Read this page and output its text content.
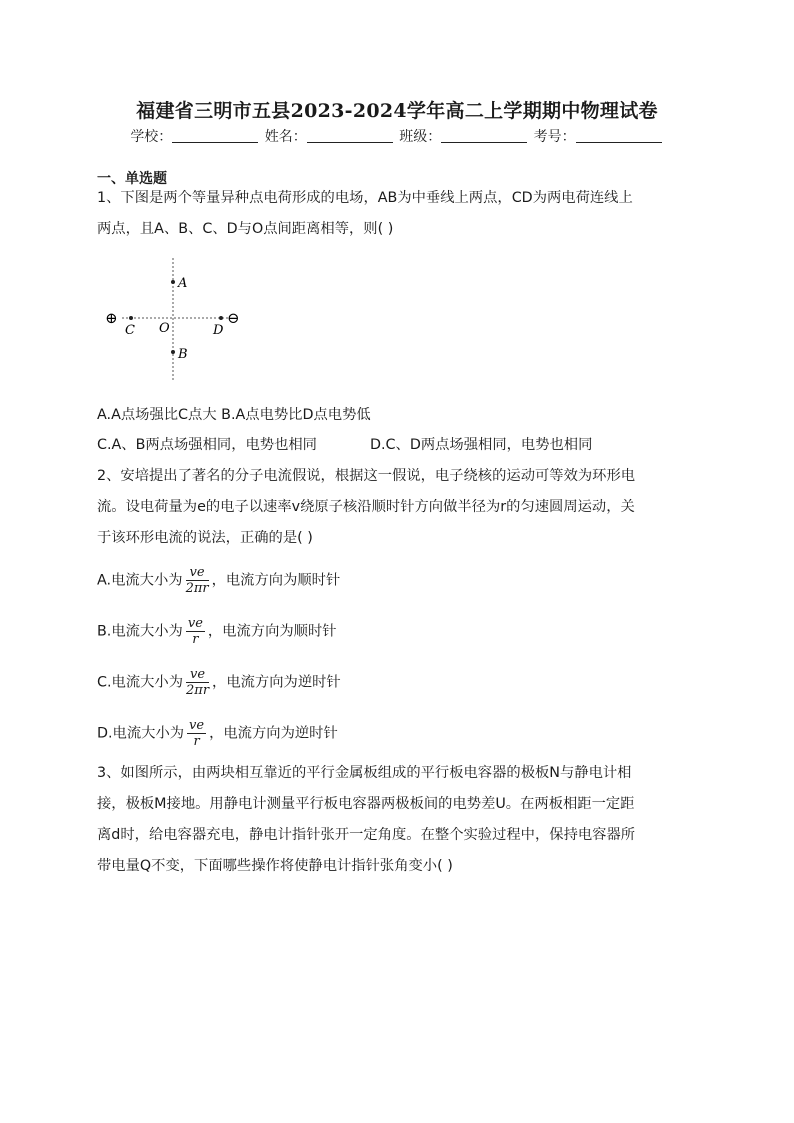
福建省三明市五县2023-2024学年高二上学期期中物理试卷
学校：	姓名：	班级：	考号：
一、单选题
1、下图是两个等量异种点电荷形成的电场，AB为中垂线上两点，CD为两电荷连线上
两点，且A、B、C、D与O点间距离相等，则( )
⊕	⊖
A
B
C O	D
A.A点场强比C点大 B.A点电势比D点电势低
C.A、B两点场强相同，电势也相同	D.C、D两点场强相同，电势也相同
2、安培提出了著名的分子电流假说，根据这一假说，电子绕核的运动可等效为环形电
流。设电荷量为e的电子以速率v绕原子核沿顺时针方向做半径为r的匀速圆周运动，关
于该环形电流的说法，正确的是( )
A.电流大小为 $\frac{ve}{2\pi r}$ ，电流方向为顺时针
B.电流大小为 $\frac{ve}{r}$ ，电流方向为顺时针
C.电流大小为 $\frac{ve}{2\pi r}$ ，电流方向为逆时针
D.电流大小为 $\frac{ve}{r}$ ，电流方向为逆时针
3、如图所示，由两块相互靠近的平行金属板组成的平行板电容器的极板N与静电计相
接，极板M接地。用静电计测量平行板电容器两极板间的电势差U。在两板相距一定距
离d时，给电容器充电，静电计指针张开一定角度。在整个实验过程中，保持电容器所
带电量Q不变，下面哪些操作将使静电计指针张角变小( )
